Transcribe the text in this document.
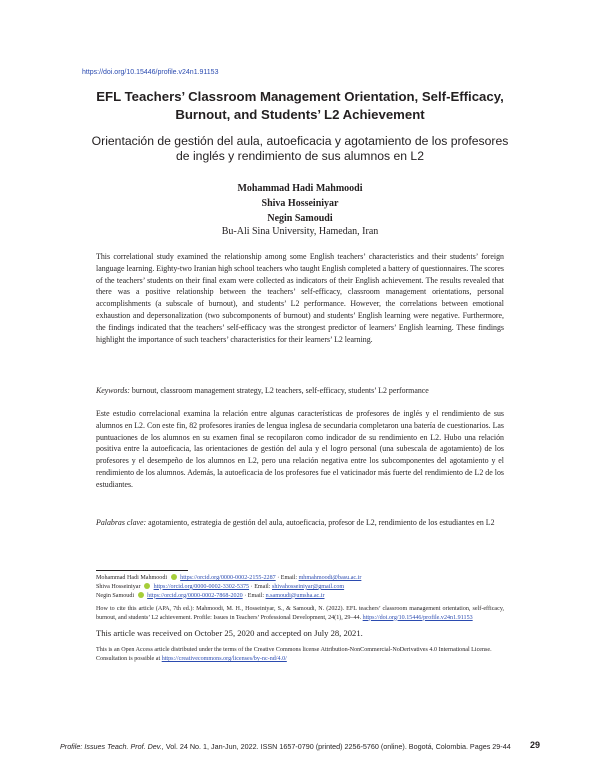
https://doi.org/10.15446/profile.v24n1.91153
EFL Teachers’ Classroom Management Orientation, Self-Efficacy,
Burnout, and Students’ L2 Achievement
Orientación de gestión del aula, autoeficacia y agotamiento de los profesores
de inglés y rendimiento de sus alumnos en L2
Mohammad Hadi Mahmoodi
Shiva Hosseiniyar
Negin Samoudi
Bu-Ali Sina University, Hamedan, Iran

This correlational study examined the relationship among some English teachers’ characteristics and their students’ foreign language learning. Eighty-two Iranian high school teachers who taught English completed a battery of questionnaires. The scores of the teachers’ students on their final exam were collected as indicators of their English achievement. The results revealed that there was a positive relationship between the teachers’ self-efficacy, classroom management orientations, personal accomplishments (a subscale of burnout), and students’ L2 performance. However, the correlations between emotional exhaustion and depersonalization (two subcomponents of burnout) and students’ English learning were negative. Furthermore, the findings indicated that the teachers’ self-efficacy was the strongest predictor of learners’ English learning. These findings highlight the importance of such teachers’ characteristics for their learners’ L2 learning.

Keywords: burnout, classroom management strategy, L2 teachers, self-efficacy, students’ L2 performance

Este estudio correlacional examina la relación entre algunas características de profesores de inglés y el rendimiento de sus alumnos en L2. Con este fin, 82 profesores iraníes de lengua inglesa de secundaria completaron una batería de cuestionarios. Las puntuaciones de los alumnos en su examen final se recopilaron como indicador de su rendimiento en L2. Hubo una relación positiva entre la autoeficacia, las orientaciones de gestión del aula y el logro personal (una subescala de agotamiento) de los profesores y el desempeño de los alumnos en L2, pero una relación negativa entre los subcomponentes del agotamiento y el rendimiento de los alumnos. Además, la autoeficacia de los profesores fue el vaticinador más fuerte del rendimiento de L2 de los estudiantes.

Palabras clave: agotamiento, estrategia de gestión del aula, autoeficacia, profesor de L2, rendimiento de los estudiantes en L2

Mohammad Hadi Mahmoodi https://orcid.org/0000-0002-2155-2287 · Email: mhmahmoodi@basu.ac.ir
Shiva Hosseiniyar https://orcid.org/0000-0002-3302-5375 · Email: shivahosseiniyar@gmail.com
Negin Samoudi https://orcid.org/0000-0002-7868-2020 · Email: n.samoudi@umsha.ac.ir
How to cite this article (APA, 7th ed.): Mahmoodi, M. H., Hosseiniyar, S., & Samoudi, N. (2022). EFL teachers’ classroom management orientation, self-efficacy, burnout, and students’ L2 achievement. Profile: Issues in Teachers’ Professional Development, 24(1), 29–44. https://doi.org/10.15446/profile.v24n1.91153
This article was received on October 25, 2020 and accepted on July 28, 2021.
This is an Open Access article distributed under the terms of the Creative Commons license Attribution-NonCommercial-NoDerivatives 4.0 International License. Consultation is possible at https://creativecommons.org/licenses/by-nc-nd/4.0/
Profile: Issues Teach. Prof. Dev., Vol. 24 No. 1, Jan-Jun, 2022. ISSN 1657-0790 (printed) 2256-5760 (online). Bogotá, Colombia. Pages 29-44	29
